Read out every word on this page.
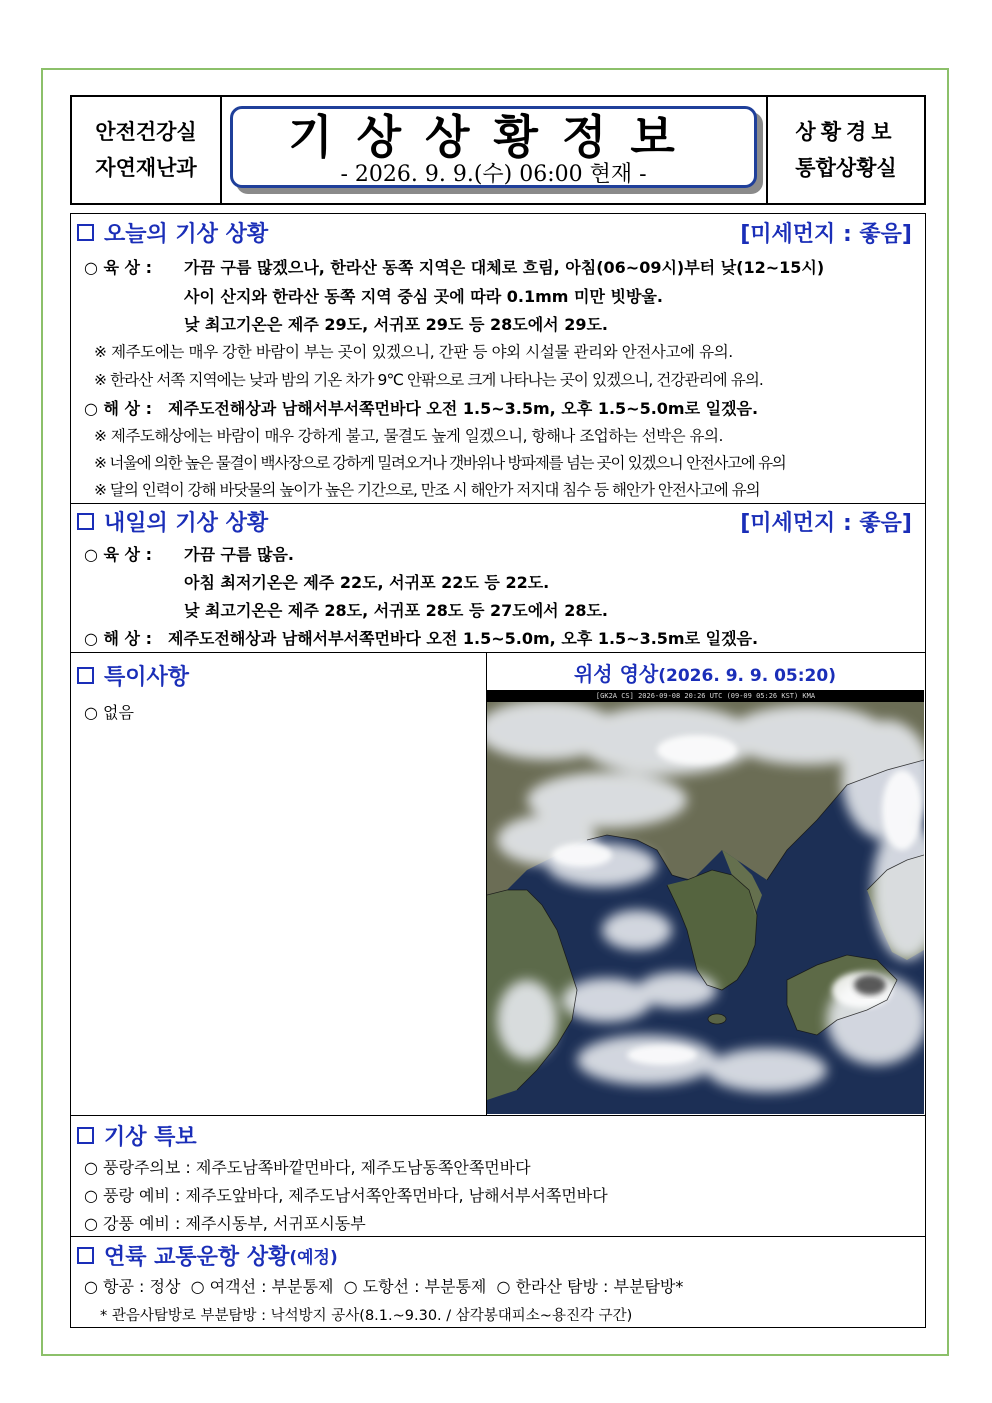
안전건강실
자연재난과
기상상황정보
- 2026. 9. 9.(수) 06:00 현재 -
상황경보
통합상황실
오늘의 기상 상황	[미세먼지 : 좋음]
○ 육 상 : 가끔 구름 많겠으나, 한라산 동쪽 지역은 대체로 흐림, 아침(06~09시)부터 낮(12~15시)
사이 산지와 한라산 동쪽 지역 중심 곳에 따라 0.1mm 미만 빗방울.
낮 최고기온은 제주 29도, 서귀포 29도 등 28도에서 29도.
※ 제주도에는 매우 강한 바람이 부는 곳이 있겠으니, 간판 등 야외 시설물 관리와 안전사고에 유의.
※ 한라산 서쪽 지역에는 낮과 밤의 기온 차가 9℃ 안팎으로 크게 나타나는 곳이 있겠으니, 건강관리에 유의.
○ 해 상 : 제주도전해상과 남해서부서쪽먼바다 오전 1.5~3.5m, 오후 1.5~5.0m로 일겠음.
※ 제주도해상에는 바람이 매우 강하게 불고, 물결도 높게 일겠으니, 항해나 조업하는 선박은 유의.
※ 너울에 의한 높은 물결이 백사장으로 강하게 밀려오거나 갯바위나 방파제를 넘는 곳이 있겠으니 안전사고에 유의
※ 달의 인력이 강해 바닷물의 높이가 높은 기간으로, 만조 시 해안가 저지대 침수 등 해안가 안전사고에 유의
내일의 기상 상황	[미세먼지 : 좋음]
○ 육 상 : 가끔 구름 많음.
아침 최저기온은 제주 22도, 서귀포 22도 등 22도.
낮 최고기온은 제주 28도, 서귀포 28도 등 27도에서 28도.
○ 해 상 : 제주도전해상과 남해서부서쪽먼바다 오전 1.5~5.0m, 오후 1.5~3.5m로 일겠음.
특이사항
○ 없음
위성 영상(2026. 9. 9. 05:20)
[GK2A CS] 2026-09-08 20:26 UTC (09-09 05:26 KST) KMA
기상 특보
○ 풍랑주의보 : 제주도남쪽바깥먼바다, 제주도남동쪽안쪽먼바다
○ 풍랑 예비 : 제주도앞바다, 제주도남서쪽안쪽먼바다, 남해서부서쪽먼바다
○ 강풍 예비 : 제주시동부, 서귀포시동부
연륙 교통운항 상황 (예정)
○ 항공 : 정상  ○ 여객선 : 부분통제  ○ 도항선 : 부분통제  ○ 한라산 탐방 : 부분탐방*
* 관음사탐방로 부분탐방 : 낙석방지 공사(8.1.~9.30. / 삼각봉대피소~용진각 구간)
